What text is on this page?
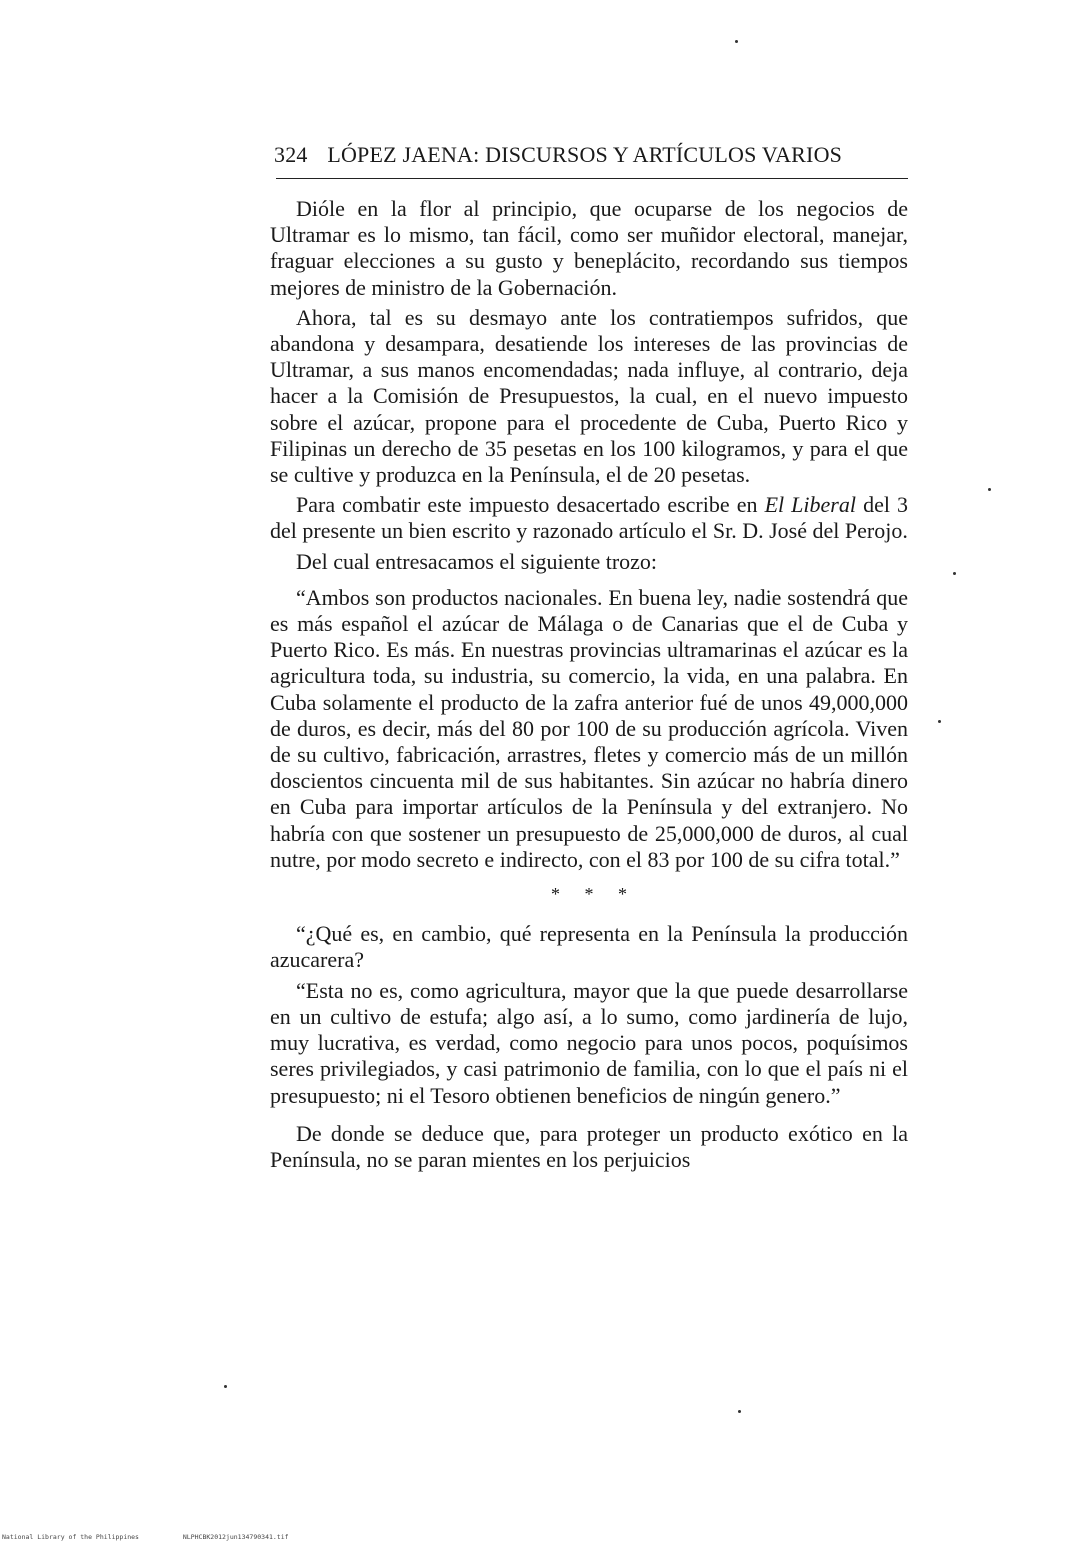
324 LÓPEZ JAENA: DISCURSOS Y ARTÍCULOS VARIOS

Dióle en la flor al principio, que ocuparse de los negocios de Ultramar es lo mismo, tan fácil, como ser muñidor electoral, manejar, fraguar elecciones a su gusto y beneplácito, recordando sus tiempos mejores de ministro de la Gobernación.

Ahora, tal es su desmayo ante los contratiempos sufridos, que abandona y desampara, desatiende los intereses de las provincias de Ultramar, a sus manos encomendadas; nada influye, al contrario, deja hacer a la Comisión de Presupuestos, la cual, en el nuevo impuesto sobre el azúcar, propone para el procedente de Cuba, Puerto Rico y Filipinas un derecho de 35 pesetas en los 100 kilogramos, y para el que se cultive y produzca en la Península, el de 20 pesetas.

Para combatir este impuesto desacertado escribe en El Liberal del 3 del presente un bien escrito y razonado artículo el Sr. D. José del Perojo.

Del cual entresacamos el siguiente trozo:

“Ambos son productos nacionales. En buena ley, nadie sostendrá que es más español el azúcar de Málaga o de Canarias que el de Cuba y Puerto Rico. Es más. En nuestras provincias ultramarinas el azúcar es la agricultura toda, su industria, su comercio, la vida, en una palabra. En Cuba solamente el producto de la zafra anterior fué de unos 49,000,000 de duros, es decir, más del 80 por 100 de su producción agrícola. Viven de su cultivo, fabricación, arrastres, fletes y comercio más de un millón doscientos cincuenta mil de sus habitantes. Sin azúcar no habría dinero en Cuba para importar artículos de la Península y del extranjero. No habría con que sostener un presupuesto de 25,000,000 de duros, al cual nutre, por modo secreto e indirecto, con el 83 por 100 de su cifra total.”

* * *

“¿Qué es, en cambio, qué representa en la Península la producción azucarera?

“Esta no es, como agricultura, mayor que la que puede desarrollarse en un cultivo de estufa; algo así, a lo sumo, como jardinería de lujo, muy lucrativa, es verdad, como negocio para unos pocos, poquísimos seres privilegiados, y casi patrimonio de familia, con lo que el país ni el presupuesto; ni el Tesoro obtienen beneficios de ningún genero.”

De donde se deduce que, para proteger un producto exótico en la Península, no se paran mientes en los perjuicios

National Library of the Philippines	NLPHCBK2012jun134790341.tif
